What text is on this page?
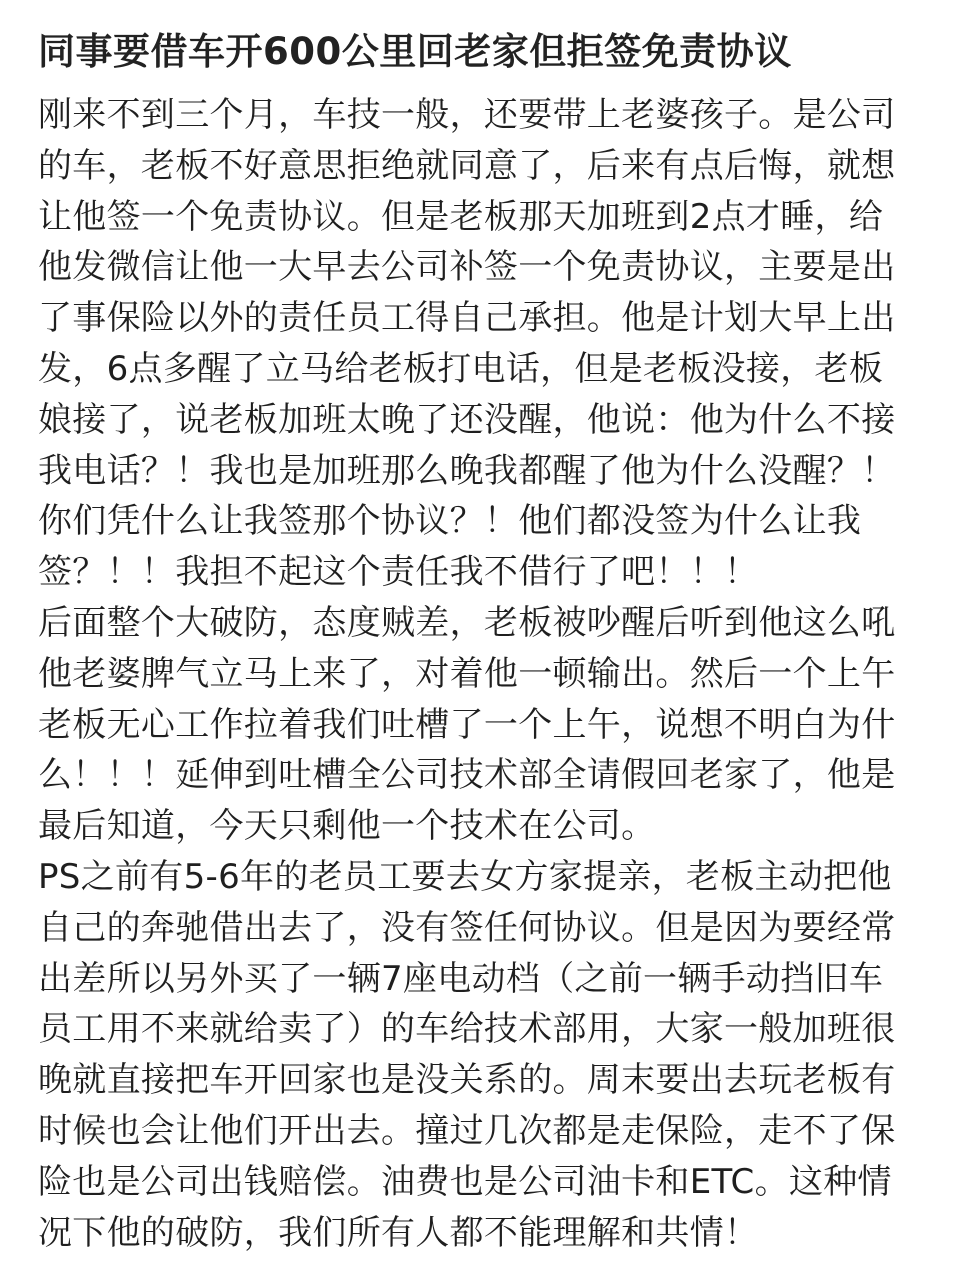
同事要借车开600公里回老家但拒签免责协议
刚来不到三个月，车技一般，还要带上老婆孩子。是公司
的车，老板不好意思拒绝就同意了，后来有点后悔，就想
让他签一个免责协议。但是老板那天加班到2点才睡，给
他发微信让他一大早去公司补签一个免责协议，主要是出
了事保险以外的责任员工得自己承担。他是计划大早上出
发，6点多醒了立马给老板打电话，但是老板没接，老板
娘接了，说老板加班太晚了还没醒，他说：他为什么不接
我电话？！我也是加班那么晚我都醒了他为什么没醒？！
你们凭什么让我签那个协议？！他们都没签为什么让我
签？！！我担不起这个责任我不借行了吧！！！
后面整个大破防，态度贼差，老板被吵醒后听到他这么吼
他老婆脾气立马上来了，对着他一顿输出。然后一个上午
老板无心工作拉着我们吐槽了一个上午，说想不明白为什
么！！！延伸到吐槽全公司技术部全请假回老家了，他是
最后知道，今天只剩他一个技术在公司。
PS之前有5-6年的老员工要去女方家提亲，老板主动把他
自己的奔驰借出去了，没有签任何协议。但是因为要经常
出差所以另外买了一辆7座电动档（之前一辆手动挡旧车
员工用不来就给卖了）的车给技术部用，大家一般加班很
晚就直接把车开回家也是没关系的。周末要出去玩老板有
时候也会让他们开出去。撞过几次都是走保险，走不了保
险也是公司出钱赔偿。油费也是公司油卡和ETC。这种情
况下他的破防，我们所有人都不能理解和共情！
